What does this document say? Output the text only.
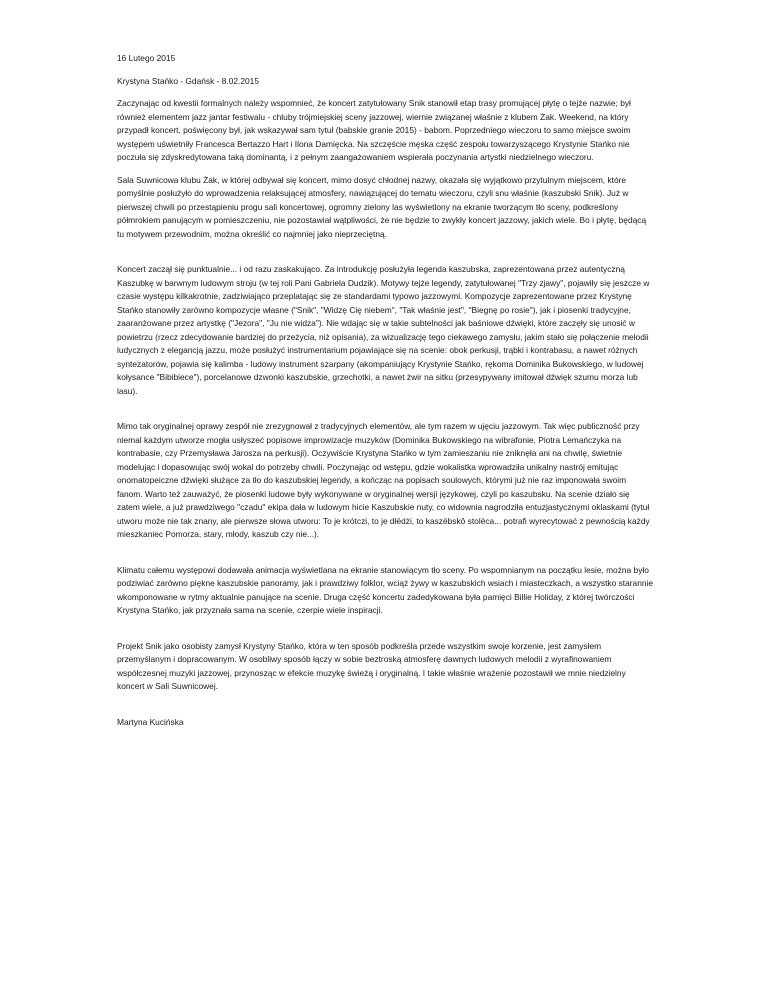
16 Lutego 2015

Krystyna Stańko - Gdańsk - 8.02.2015

Zaczynając od kwestii formalnych należy wspomnieć, że koncert zatytułowany Snik stanowił etap trasy promującej płytę o tejże nazwie; był również elementem jazz jantar festiwalu - chluby trójmiejskiej sceny jazzowej, wiernie związanej właśnie z klubem Żak. Weekend, na który przypadł koncert, poświęcony był, jak wskazywał sam tytuł (babskie granie 2015) - babom. Poprzedniego wieczoru to samo miejsce swoim występem uświetniły Francesca Bertazzo Hart i Ilona Damięcka. Na szczęście męska część zespołu towarzyszącego Krystynie Stańko nie poczuła się zdyskredytowana taką dominantą, i z pełnym zaangażowaniem wspierała poczynania artystki niedzielnego wieczoru.

Sala Suwnicowa klubu Żak, w której odbywał się koncert, mimo dosyć chłodnej nazwy, okazała się wyjątkowo przytulnym miejscem, które pomyślnie posłużyło do wprowadzenia relaksującej atmosfery, nawiązującej do tematu wieczoru, czyli snu właśnie (kaszubski Snik). Już w pierwszej chwili po przestąpieniu progu sali koncertowej, ogromny zielony las wyświetlony na ekranie tworzącym tło sceny, podkreślony półmrokiem panującym w pomieszczeniu, nie pozostawiał wątpliwości, że nie będzie to zwykły koncert jazzowy, jakich wiele. Bo i płytę, będącą tu motywem przewodnim, można określić co najmniej jako nieprzeciętną.

Koncert zaczął się punktualnie... i od razu zaskakująco. Za introdukcję posłużyła legenda kaszubska, zaprezentowana przez autentyczną Kaszubkę w barwnym ludowym stroju (w tej roli Pani Gabriela Dudzik). Motywy tejże legendy, zatytułowanej "Trzy zjawy", pojawiły się jeszcze w czasie występu kilkakrotnie, zadziwiająco przeplatając się ze standardami typowo jazzowymi. Kompozycje zaprezentowane przez Krystynę Stańko stanowiły zarówno kompozycje własne ("Snik", "Widzę Cię niebem", "Tak właśnie jest", "Biegnę po rosie"), jak i piosenki tradycyjne, zaaranżowane przez artystkę ("Jezora", "Ju nie widza"). Nie wdając się w takie subtelności jak baśniowe dźwięki, które zaczęły się unosić w powietrzu (rzecz zdecydowanie bardziej do przeżycia, niż opisania), za wizualizację tego ciekawego zamysłu, jakim stało się połączenie melodii ludycznych z elegancją jazzu, może posłużyć instrumentarium pojawiające się na scenie: obok perkusji, trąbki i kontrabasu, a nawet różnych syntezatorów, pojawia się kalimba - ludowy instrument szarpany (akompaniujący Krystynie Stańko, rękoma Dominika Bukowskiego, w ludowej kołysance "Bibibiece"), porcelanowe dzwonki kaszubskie, grzechotki, a nawet żwir na sitku (przesypywany imitował dźwięk szumu morza lub lasu).

Mimo tak oryginalnej oprawy zespół nie zrezygnował z tradycyjnych elementów, ale tym razem w ujęciu jazzowym. Tak więc publiczność przy niemal każdym utworze mogła usłyszeć popisowe improwizacje muzyków (Dominika Bukowskiego na wibrafonie, Piotra Lemańczyka na kontrabasie, czy Przemysława Jarosza na perkusji). Oczywiście Krystyna Stańko w tym zamieszaniu nie zniknęła ani na chwilę, świetnie modelując i dopasowując swój wokal do potrzeby chwili. Poczynając od wstępu, gdzie wokalistka wprowadziła unikalny nastrój emitując onomatopeiczne dźwięki służące za tło do kaszubskiej legendy, a kończąc na popisach soulowych, którymi już nie raz imponowała swoim fanom. Warto też zauważyć, że piosenki ludowe były wykonywane w oryginalnej wersji językowej, czyli po kaszubsku. Na scenie działo się zatem wiele, a już prawdziwego "czadu" ekipa dała w ludowym hicie Kaszubskie nuty, co widownia nagrodziła entuzjastycznymi oklaskami (tytuł utworu może nie tak znany, ale pierwsze słowa utworu: To je krótczi, to je dłëdżi, to kaszëbskô stolëca... potrafi wyrecytować z pewnością każdy mieszkaniec Pomorza, stary, młody, kaszub czy nie...).

Klimatu całemu występowi dodawała animacja wyświetlana na ekranie stanowiącym tło sceny. Po wspomnianym na początku lesie, można było podziwiać zarówno piękne kaszubskie panoramy, jak i prawdziwy folklor, wciąż żywy w kaszubskich wsiach i miasteczkach, a wszystko starannie wkomponowane w rytmy aktualnie panujące na scenie. Druga część koncertu zadedykowana była pamięci Billie Holiday, z której twórczości Krystyna Stańko, jak przyznała sama na scenie, czerpie wiele inspiracji.

Projekt Snik jako osobisty zamysł Krystyny Stańko, która w ten sposób podkreśla przede wszystkim swoje korzenie, jest zamysłem przemyślanym i dopracowanym. W osobliwy sposób łączy w sobie beztroską atmosferę dawnych ludowych melodii z wyrafinowaniem współczesnej muzyki jazzowej, przynosząc w efekcie muzykę świeżą i oryginalną. I takie właśnie wrażenie pozostawił we mnie niedzielny koncert w Sali Suwnicowej.

Martyna Kucińska
